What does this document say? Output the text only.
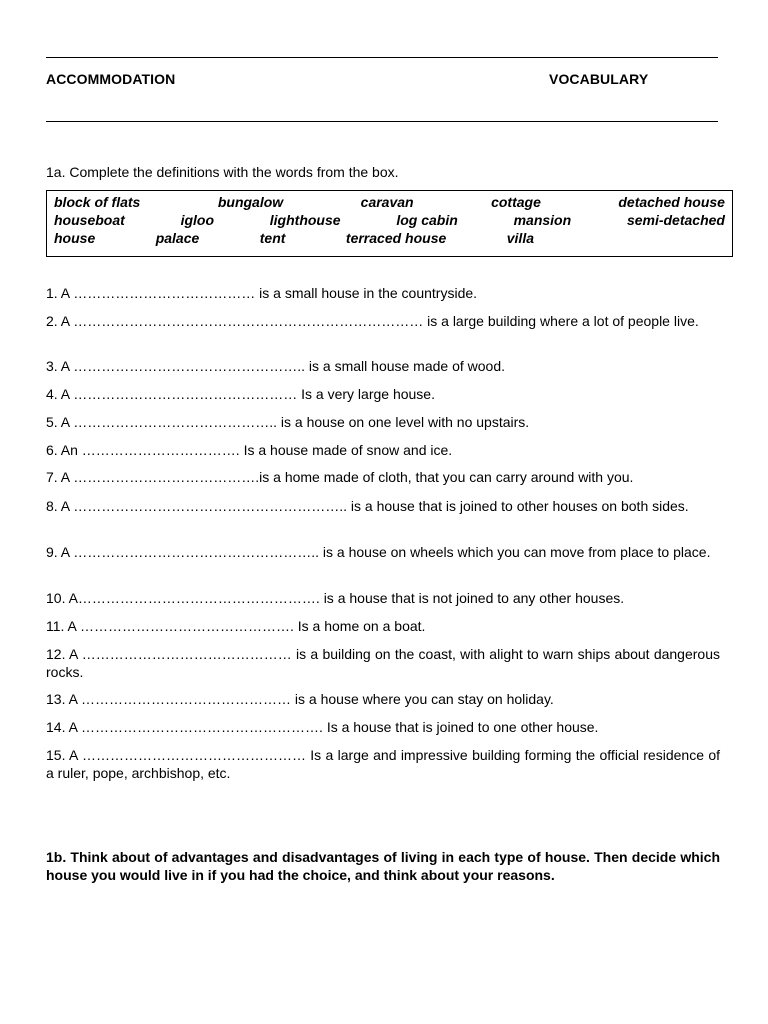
ACCOMMODATION	VOCABULARY
1a. Complete the definitions with the words from the box.
block of flats	bungalow	caravan	cottage	detached house
houseboat	igloo	lighthouse	log cabin	mansion	semi-detached
house	palace	tent	terraced house	villa
1. A ………………………………… is a small house in the countryside.
2. A ………………………………………………………………… is a large building where a lot of people live.
3. A ………………………………………….. is a small house made of wood.
4. A ………………………………………… Is a very large house.
5. A …………………………………….. is a house on one level with no upstairs.
6. An ……………………………. Is a house made of snow and ice.
7. A ………………………………….is a home made of cloth, that you can carry around with you.
8. A ………………………………………………….. is a house that is joined to other houses on both sides.
9. A …………………………………………….. is a house on wheels which you can move from place to place.
10. A……………………………………………. is a house that is not joined to any other houses.
11. A ………………………………………. Is a home on a boat.
12. A ……………………………………… is a building on the coast, with alight to warn ships about dangerous rocks.
13. A ……………………………………… is a house where you can stay on holiday.
14. A ……………………………………………. Is a house that is joined to one other house.
15. A ………………………………………… Is a large and impressive building forming the official residence of a ruler, pope, archbishop, etc.
1b. Think about of advantages and disadvantages of living in each type of house. Then decide which house you would live in if you had the choice, and think about your reasons.
